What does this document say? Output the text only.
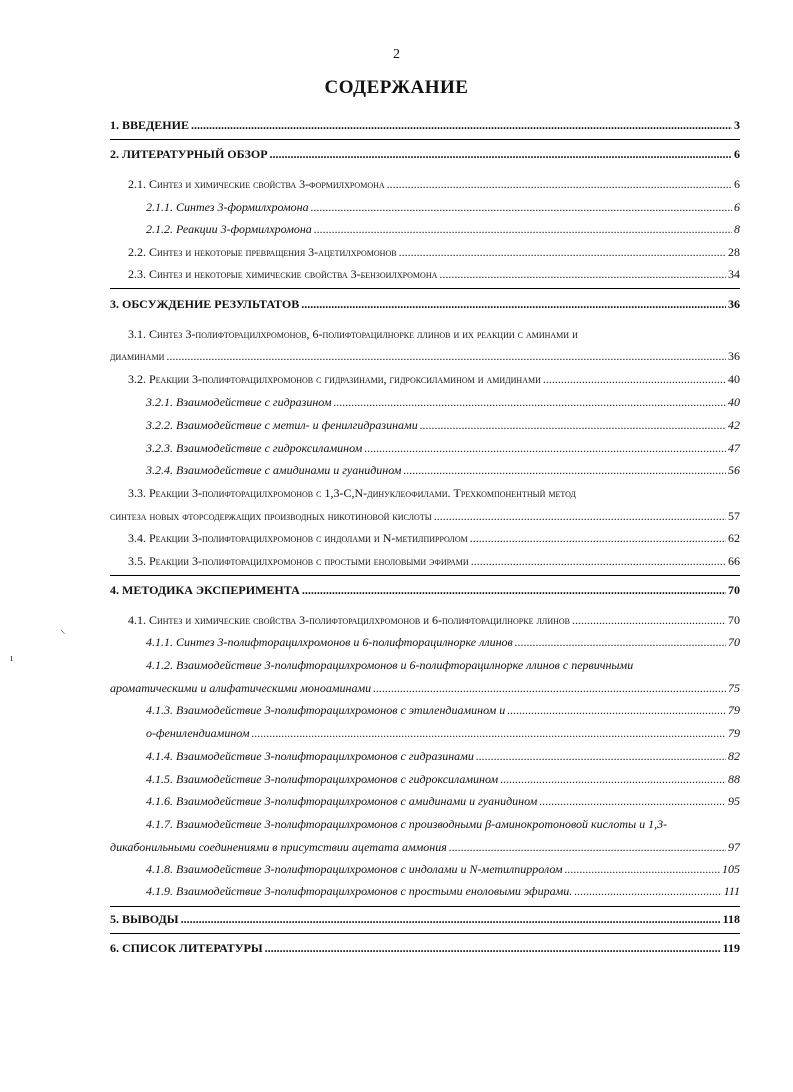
2
СОДЕРЖАНИЕ
1. ВВЕДЕНИЕ .....	3
2. ЛИТЕРАТУРНЫЙ ОБЗОР .....	6
2.1. Синтез и химические свойства 3-формилхромона .....	6
2.1.1. Синтез 3-формилхромона .....	6
2.1.2. Реакции 3-формилхромона .....	8
2.2. Синтез и некоторые превращения 3-ацетилхромонов .....	28
2.3. Синтез и некоторые химические свойства 3-бензоилхромона .....	34
3. ОБСУЖДЕНИЕ РЕЗУЛЬТАТОВ .....	36
3.1. Синтез 3-полифторацилхромонов, 6-полифторацилнорке ллинов и их реакции с аминами и
диаминами .....	36
3.2. Реакции 3-полифторацилхромонов с гидразинами, гидроксиламином и амидинами .....	40
3.2.1. Взаимодействие с гидразином .....	40
3.2.2. Взаимодействие с метил- и фенилгидразинами .....	42
3.2.3. Взаимодействие с гидроксиламином .....	47
3.2.4. Взаимодействие с амидинами и гуанидином .....	56
3.3. Реакции 3-полифторацилхромонов с 1,3-C,N-динуклеофилами. Трехкомпонентный метод
синтеза новых фторсодержащих производных никотиновой кислоты .....	57
3.4. Реакции 3-полифторацилхромонов с индолами и N-метилпирролом .....	62
3.5. Реакции 3-полифторацилхромонов с простыми еноловыми эфирами .....	66
4. МЕТОДИКА ЭКСПЕРИМЕНТА .....	70
4.1. Синтез и химические свойства 3-полифторацилхромонов и 6-полифторацилнорке ллинов .....	70
4.1.1. Синтез 3-полифторацилхромонов и 6-полифторацилнорке ллинов .....	70
4.1.2. Взаимодействие 3-полифторацилхромонов и 6-полифторацилнорке ллинов с первичными
ароматическими и алифатическими моноаминами .....	75
4.1.3. Взаимодействие 3-полифторацилхромонов с этилендиамином и .....	79
о-фенилендиамином .....	79
4.1.4. Взаимодействие 3-полифторацилхромонов с гидразинами .....	82
4.1.5. Взаимодействие 3-полифторацилхромонов с гидроксиламином .....	88
4.1.6. Взаимодействие 3-полифторацилхромонов с амидинами и гуанидином .....	95
4.1.7. Взаимодействие 3-полифторацилхромонов с производными β-аминокротоновой кислоты и 1,3-
дикабонильными соединениями в присутствии ацетата аммония .....	97
4.1.8. Взаимодействие 3-полифторацилхромонов с индолами и N-метилпирролом .....	105
4.1.9. Взаимодействие 3-полифторацилхромонов с простыми еноловыми эфирами. .....	111
5. ВЫВОДЫ .....	118
6. СПИСОК ЛИТЕРАТУРЫ .....	119
⸜
ı
